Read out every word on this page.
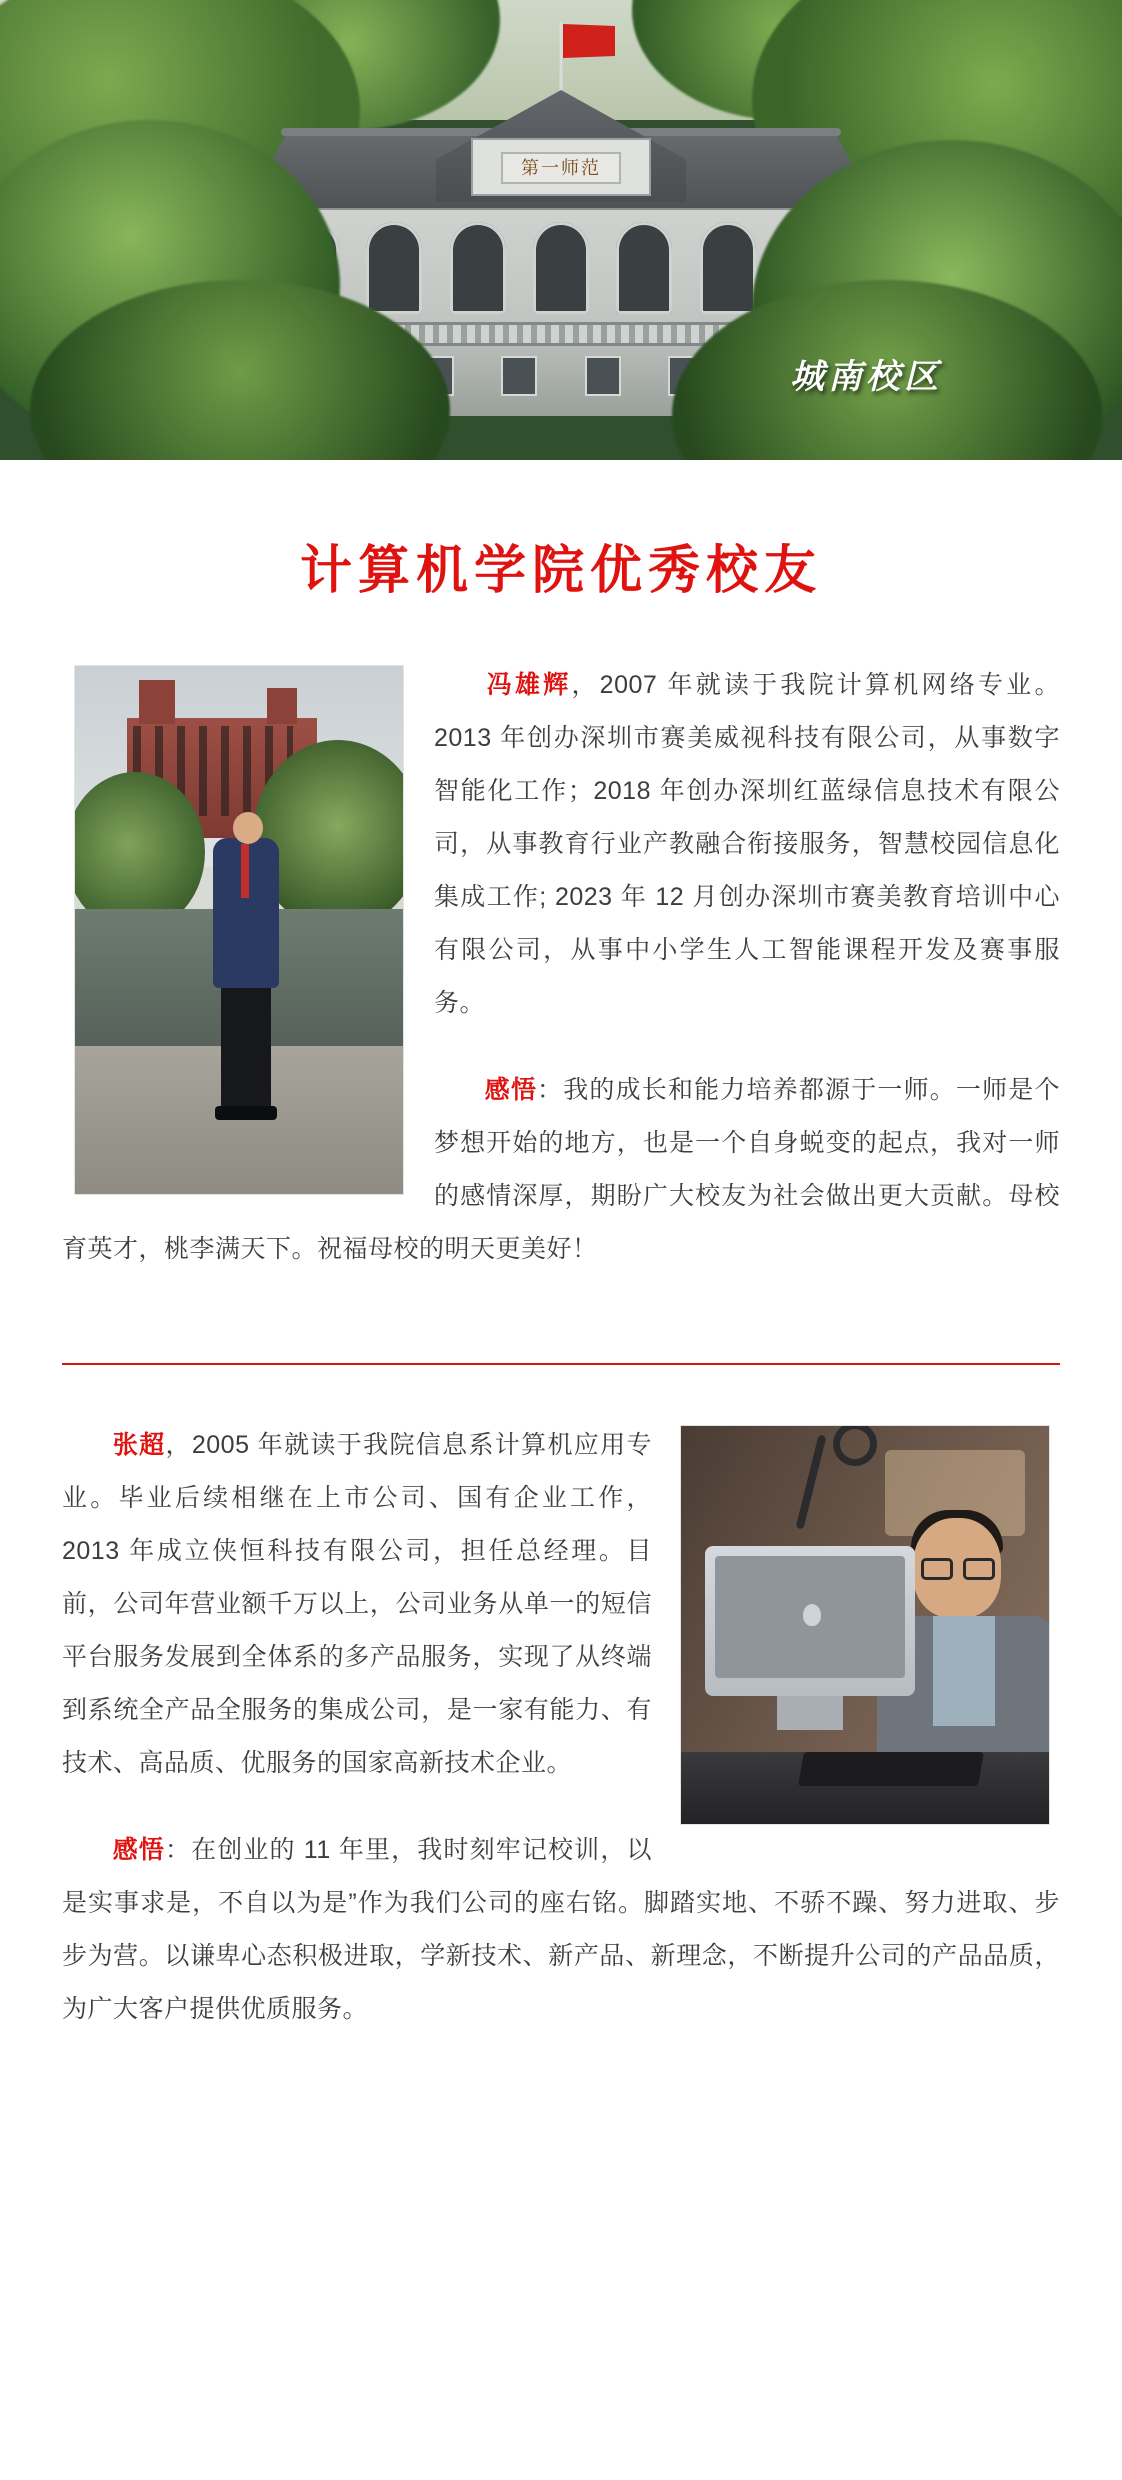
第一师范
城南校区
计算机学院优秀校友

冯雄辉，2007 年就读于我院计算机网络专业。2013 年创办深圳市赛美威视科技有限公司，从事数字智能化工作；2018 年创办深圳红蓝绿信息技术有限公司，从事教育行业产教融合衔接服务，智慧校园信息化集成工作; 2023 年 12 月创办深圳市赛美教育培训中心有限公司，从事中小学生人工智能课程开发及赛事服务。

感悟：我的成长和能力培养都源于一师。一师是个梦想开始的地方，也是一个自身蜕变的起点，我对一师的感情深厚，期盼广大校友为社会做出更大贡献。母校育英才，桃李满天下。祝福母校的明天更美好！

张超，2005 年就读于我院信息系计算机应用专业。毕业后续相继在上市公司、国有企业工作，2013 年成立侠恒科技有限公司，担任总经理。目前，公司年营业额千万以上，公司业务从单一的短信平台服务发展到全体系的多产品服务，实现了从终端到系统全产品全服务的集成公司，是一家有能力、有技术、高品质、优服务的国家高新技术企业。

感悟：在创业的 11 年里，我时刻牢记校训，以是实事求是，不自以为是”作为我们公司的座右铭。脚踏实地、不骄不躁、努力进取、步步为营。以谦卑心态积极进取，学新技术、新产品、新理念，不断提升公司的产品品质，为广大客户提供优质服务。
